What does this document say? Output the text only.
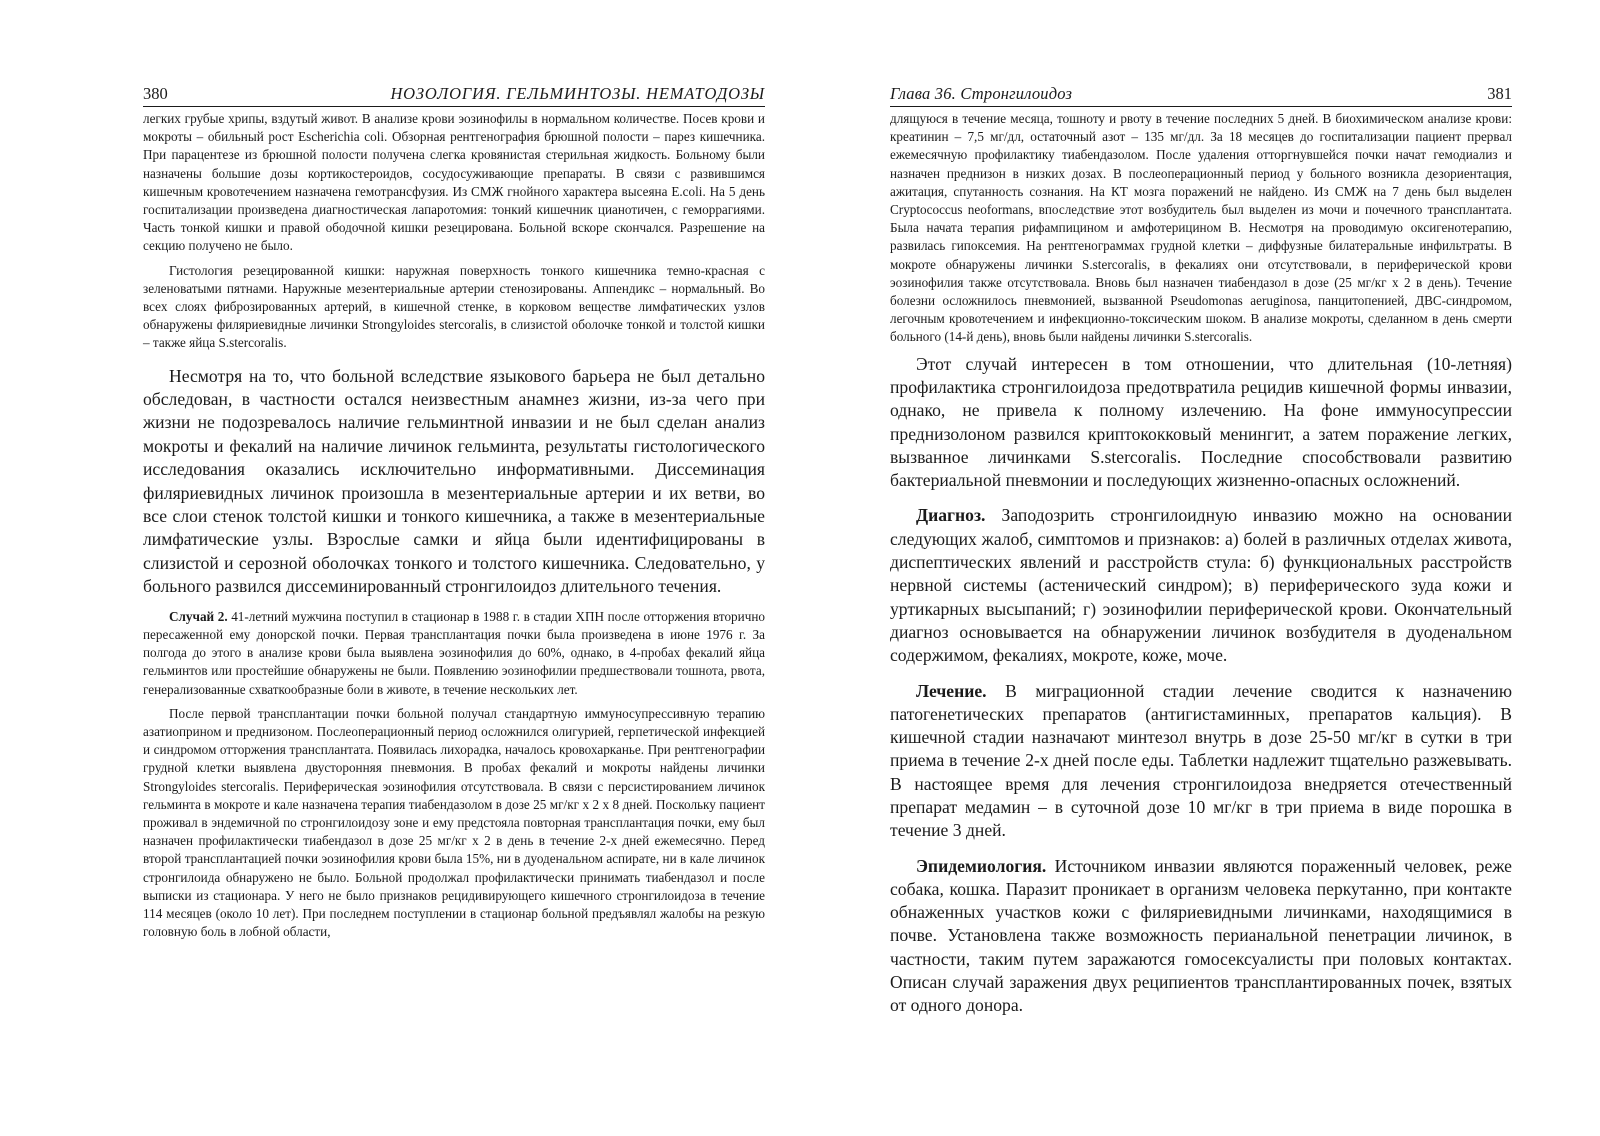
380	НОЗОЛОГИЯ. ГЕЛЬМИНТОЗЫ. НЕМАТОДОЗЫ

легких грубые хрипы, вздутый живот. В анализе крови эозинофилы в нормальном количестве. Посев крови и мокроты – обильный рост Escherichia coli. Обзорная рентгенография брюшной полости – парез кишечника. При парацентезе из брюшной полости получена слегка кровянистая стерильная жидкость. Больному были назначены большие дозы кортикостероидов, сосудосуживающие препараты. В связи с развившимся кишечным кровотечением назначена гемотрансфузия. Из СМЖ гнойного характера высеяна E.coli. На 5 день госпитализации произведена диагностическая лапаротомия: тонкий кишечник цианотичен, с геморрагиями. Часть тонкой кишки и правой ободочной кишки резецирована. Больной вскоре скончался. Разрешение на секцию получено не было.

Гистология резецированной кишки: наружная поверхность тонкого кишечника темно-красная с зеленоватыми пятнами. Наружные мезентериальные артерии стенозированы. Аппендикс – нормальный. Во всех слоях фиброзированных артерий, в кишечной стенке, в корковом веществе лимфатических узлов обнаружены филяриевидные личинки Strongyloides stercoralis, в слизистой оболочке тонкой и толстой кишки – также яйца S.stercoralis.

Несмотря на то, что больной вследствие языкового барьера не был детально обследован, в частности остался неизвестным анамнез жизни, из-за чего при жизни не подозревалось наличие гельминтной инвазии и не был сделан анализ мокроты и фекалий на наличие личинок гельминта, результаты гистологического исследования оказались исключительно информативными. Диссеминация филяриевидных личинок произошла в мезентериальные артерии и их ветви, во все слои стенок толстой кишки и тонкого кишечника, а также в мезентериальные лимфатические узлы. Взрослые самки и яйца были идентифицированы в слизистой и серозной оболочках тонкого и толстого кишечника. Следовательно, у больного развился диссеминированный стронгилоидоз длительного течения.

Случай 2. 41-летний мужчина поступил в стационар в 1988 г. в стадии ХПН после отторжения вторично пересаженной ему донорской почки. Первая трансплантация почки была произведена в июне 1976 г. За полгода до этого в анализе крови была выявлена эозинофилия до 60%, однако, в 4-пробах фекалий яйца гельминтов или простейшие обнаружены не были. Появлению эозинофилии предшествовали тошнота, рвота, генерализованные схваткообразные боли в животе, в течение нескольких лет.

После первой трансплантации почки больной получал стандартную иммуносупрессивную терапию азатиоприном и преднизоном. Послеоперационный период осложнился олигурией, герпетической инфекцией и синдромом отторжения трансплантата. Появилась лихорадка, началось кровохарканье. При рентгенографии грудной клетки выявлена двусторонняя пневмония. В пробах фекалий и мокроты найдены личинки Strongyloides stercoralis. Периферическая эозинофилия отсутствовала. В связи с персистированием личинок гельминта в мокроте и кале назначена терапия тиабендазолом в дозе 25 мг/кг х 2 х 8 дней. Поскольку пациент проживал в эндемичной по стронгилоидозу зоне и ему предстояла повторная трансплантация почки, ему был назначен профилактически тиабендазол в дозе 25 мг/кг х 2 в день в течение 2-х дней ежемесячно. Перед второй трансплантацией почки эозинофилия крови была 15%, ни в дуоденальном аспирате, ни в кале личинок стронгилоида обнаружено не было. Больной продолжал профилактически принимать тиабендазол и после выписки из стационара. У него не было признаков рецидивирующего кишечного стронгилоидоза в течение 114 месяцев (около 10 лет). При последнем поступлении в стационар больной предъявлял жалобы на резкую головную боль в лобной области,

Глава 36. Стронгилоидоз	381

длящуюся в течение месяца, тошноту и рвоту в течение последних 5 дней. В биохимическом анализе крови: креатинин – 7,5 мг/дл, остаточный азот – 135 мг/дл. За 18 месяцев до госпитализации пациент прервал ежемесячную профилактику тиабендазолом. После удаления отторгнувшейся почки начат гемодиализ и назначен преднизон в низких дозах. В послеоперационный период у больного возникла дезориентация, ажитация, спутанность сознания. На КТ мозга поражений не найдено. Из СМЖ на 7 день был выделен Cryptococcus neoformans, впоследствие этот возбудитель был выделен из мочи и почечного трансплантата. Была начата терапия рифампицином и амфотерицином В. Несмотря на проводимую оксигенотерапию, развилась гипоксемия. На рентгенограммах грудной клетки – диффузные билатеральные инфильтраты. В мокроте обнаружены личинки S.stercoralis, в фекалиях они отсутствовали, в периферической крови эозинофилия также отсутствовала. Вновь был назначен тиабендазол в дозе (25 мг/кг х 2 в день). Течение болезни осложнилось пневмонией, вызванной Pseudomonas aeruginosa, панцитопенией, ДВС-синдромом, легочным кровотечением и инфекционно-токсическим шоком. В анализе мокроты, сделанном в день смерти больного (14-й день), вновь были найдены личинки S.stercoralis.

Этот случай интересен в том отношении, что длительная (10-летняя) профилактика стронгилоидоза предотвратила рецидив кишечной формы инвазии, однако, не привела к полному излечению. На фоне иммуносупрессии преднизолоном развился криптококковый менингит, а затем поражение легких, вызванное личинками S.stercoralis. Последние способствовали развитию бактериальной пневмонии и последующих жизненно-опасных осложнений.

Диагноз. Заподозрить стронгилоидную инвазию можно на основании следующих жалоб, симптомов и признаков: а) болей в различных отделах живота, диспептических явлений и расстройств стула: б) функциональных расстройств нервной системы (астенический синдром); в) периферического зуда кожи и уртикарных высыпаний; г) эозинофилии периферической крови. Окончательный диагноз основывается на обнаружении личинок возбудителя в дуоденальном содержимом, фекалиях, мокроте, коже, моче.

Лечение. В миграционной стадии лечение сводится к назначению патогенетических препаратов (антигистаминных, препаратов кальция). В кишечной стадии назначают минтезол внутрь в дозе 25-50 мг/кг в сутки в три приема в течение 2-х дней после еды. Таблетки надлежит тщательно разжевывать. В настоящее время для лечения стронгилоидоза внедряется отечественный препарат медамин – в суточной дозе 10 мг/кг в три приема в виде порошка в течение 3 дней.

Эпидемиология. Источником инвазии являются пораженный человек, реже собака, кошка. Паразит проникает в организм человека перкутанно, при контакте обнаженных участков кожи с филяриевидными личинками, находящимися в почве. Установлена также возможность перианальной пенетрации личинок, в частности, таким путем заражаются гомосексуалисты при половых контактах. Описан случай заражения двух реципиентов трансплантированных почек, взятых от одного донора.
